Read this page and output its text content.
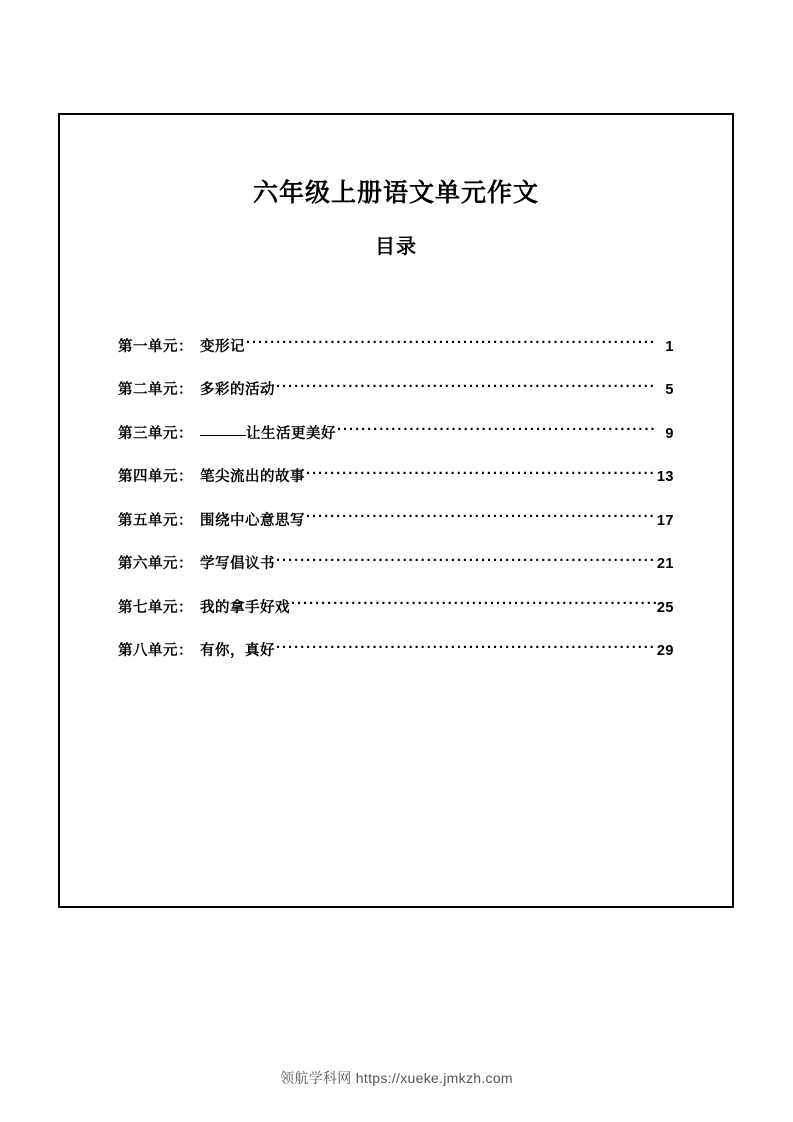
六年级上册语文单元作文
目录
第一单元： 变形记 ·····	1
第二单元： 多彩的活动 ·····	5
第三单元：	让生活更美好 ·····	9
第四单元： 笔尖流出的故事 ·····	13
第五单元： 围绕中心意思写 ·····	17
第六单元： 学写倡议书 ·····	21
第七单元： 我的拿手好戏 ·····	25
第八单元： 有你，真好 ·····	29
领航学科网 https://xueke.jmkzh.com
